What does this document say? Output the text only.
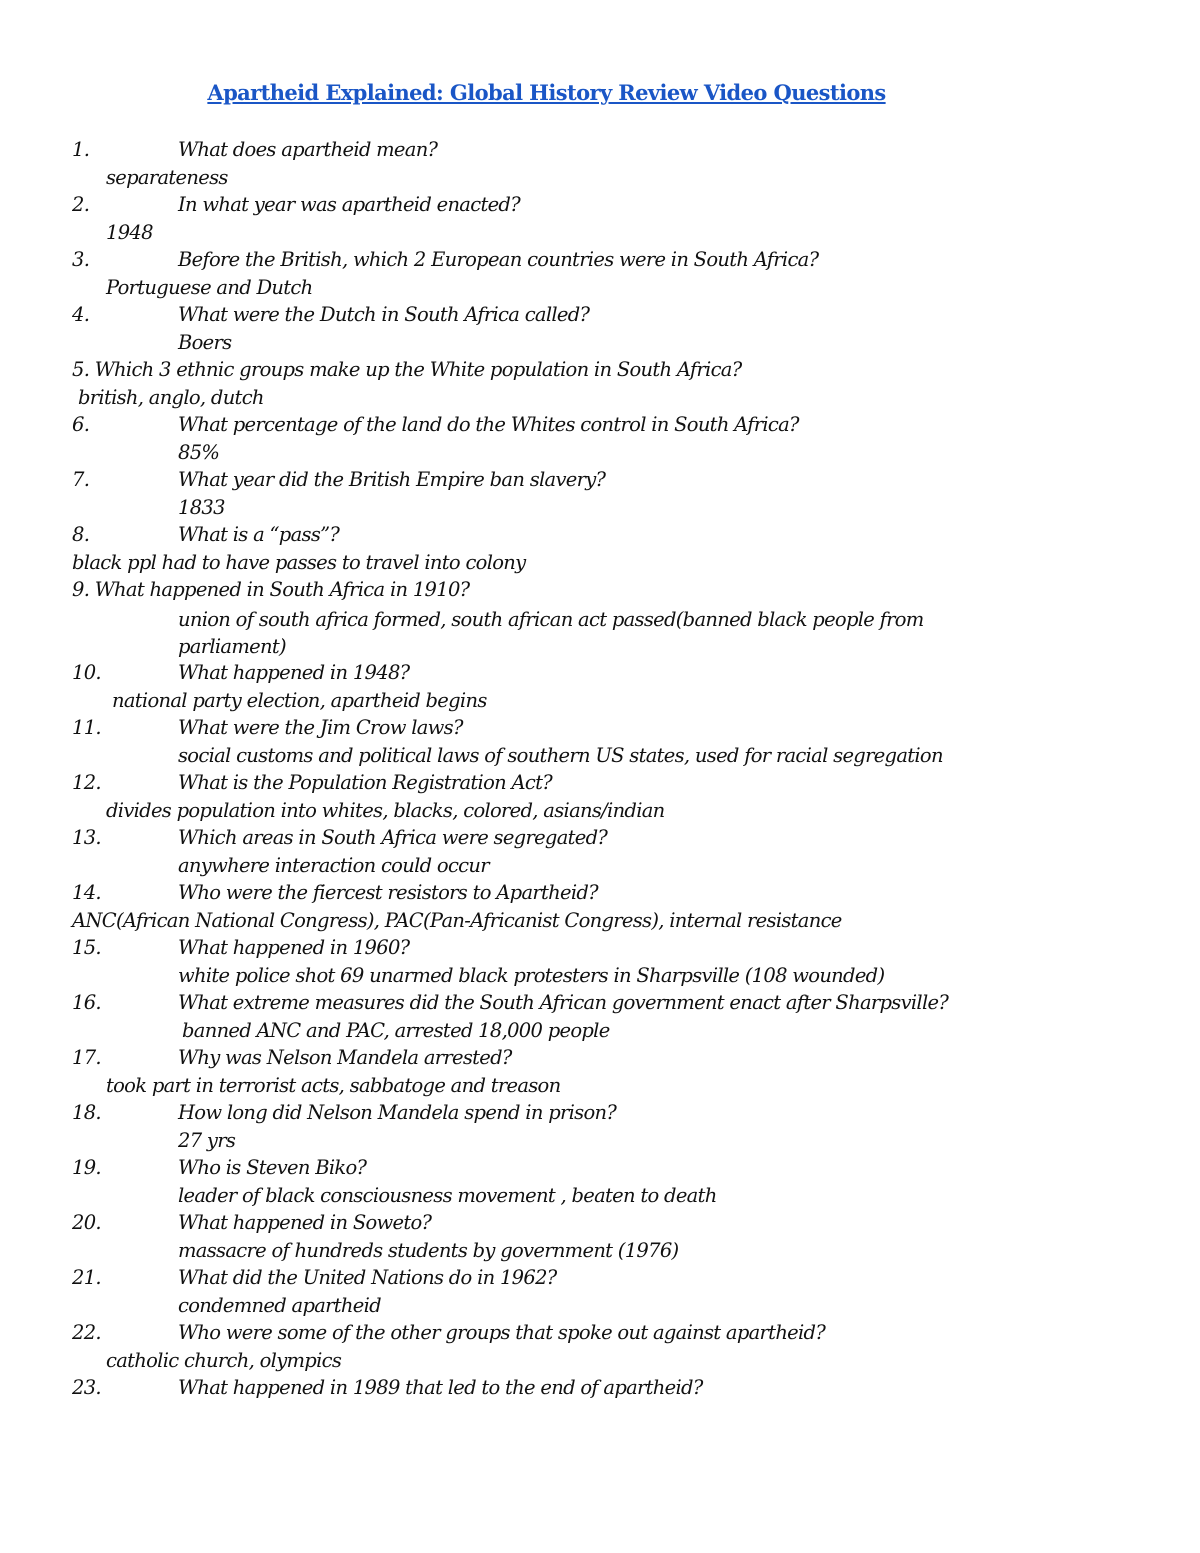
Apartheid Explained: Global History Review Video Questions
1.	What does apartheid mean?
separateness
2.	In what year was apartheid enacted?
1948
3.	Before the British, which 2 European countries were in South Africa?
Portuguese and Dutch
4.	What were the Dutch in South Africa called?
Boers
5. Which 3 ethnic groups make up the White population in South Africa?
british, anglo, dutch
6.	What percentage of the land do the Whites control in South Africa?
85%
7.	What year did the British Empire ban slavery?
1833
8.	What is a “pass”?
black ppl had to have passes to travel into colony
9. What happened in South Africa in 1910?
union of south africa formed, south african act passed(banned black people from parliament)
10.	What happened in 1948?
national party election, apartheid begins
11.	What were the Jim Crow laws?
social customs and political laws of southern US states, used for racial segregation
12.	What is the Population Registration Act?
divides population into whites, blacks, colored, asians/indian
13.	Which areas in South Africa were segregated?
anywhere interaction could occur
14.	Who were the fiercest resistors to Apartheid?
ANC(African National Congress), PAC(Pan-Africanist Congress), internal resistance
15.	What happened in 1960?
white police shot 69 unarmed black protesters in Sharpsville (108 wounded)
16.	What extreme measures did the South African government enact after Sharpsville?
banned ANC and PAC, arrested 18,000 people
17.	Why was Nelson Mandela arrested?
took part in terrorist acts, sabbatoge and treason
18.	How long did Nelson Mandela spend in prison?
27 yrs
19.	Who is Steven Biko?
leader of black consciousness movement , beaten to death
20.	What happened in Soweto?
massacre of hundreds students by government (1976)
21.	What did the United Nations do in 1962?
condemned apartheid
22.	Who were some of the other groups that spoke out against apartheid?
catholic church, olympics
23.	What happened in 1989 that led to the end of apartheid?
